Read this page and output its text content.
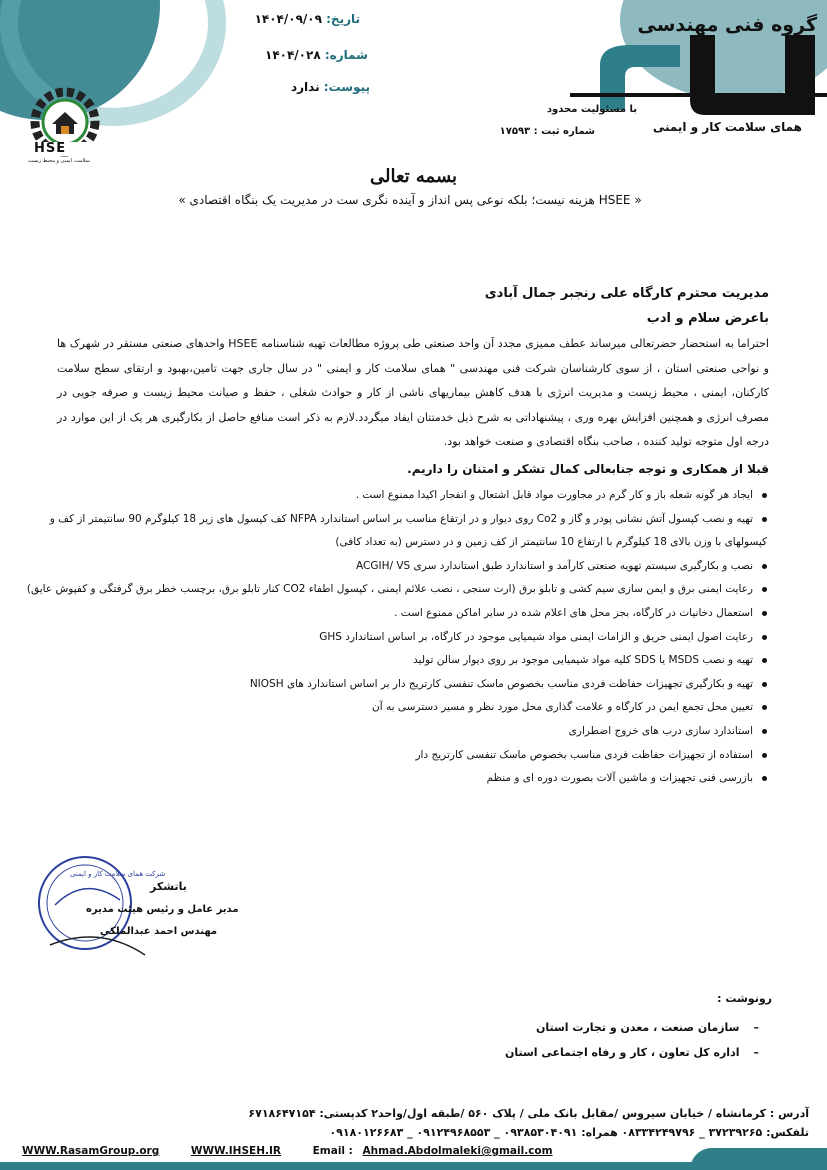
تاریخ: ۱۴۰۴/۰۹/۰۹
شماره: ۱۴۰۴/۰۲۸
پیوست: ندارد
گروه فنی مهندسی
همای سلامت کار و ایمنی
با مسئولیت محدود
شماره ثبت : ۱۷۵۹۳
HSE
سلامت، ایمنی و محیط زیست
بسمه تعالی
« HSEE هزینه نیست؛ بلکه نوعی پس انداز و آینده نگری ست در مدیریت یک بنگاه اقتصادی »
مدیریت محترم کارگاه علی رنجبر جمال آبادی
باعرض سلام و ادب
احتراما به استحضار حضرتعالی میرساند عطف ممیزی مجدد آن واحد صنعتی طی پروژه مطالعات تهیه شناسنامه HSEE واحدهای صنعتی مستقر در شهرک ها و نواحی صنعتی استان ، از سوی کارشناسان شرکت فنی مهندسی " همای سلامت کار و ایمنی " در سال جاری جهت تامین،بهبود و ارتقای سطح سلامت کارکنان، ایمنی ، محیط زیست و مدیریت انرژی با هدف کاهش بیماریهای ناشی از کار و حوادث شغلی ، حفظ و صیانت محیط زیست و صرفه جویی در مصرف انرژی و همچنین افزایش بهره وری ، پیشنهاداتی به شرح ذیل خدمتتان ایفاد میگردد.لازم به ذکر است منافع حاصل از بکارگیری هر یک از این موارد در درجه اول متوجه تولید کننده ، صاحب بنگاه اقتصادی و صنعت خواهد بود.
قبلا از همکاری و توجه جنابعالی کمال تشکر و امتنان را داریم.
ایجاد هر گونه شعله باز و کار گرم در مجاورت مواد قابل اشتعال و انفجار اکیدا ممنوع است .
تهیه و نصب کپسول آتش نشانی پودر و گاز و Co2 روی دیوار و در ارتفاع مناسب بر اساس استاندارد NFPA کف کپسول های زیر 18 کیلوگرم 90 سانتیمتر از کف و
کپسولهای با وزن بالای 18 کیلوگرم با ارتفاع 10 سانتیمتر از کف زمین و در دسترس (به تعداد کافی)
نصب و بکارگیری سیستم تهویه صنعتی کارآمد و استاندارد طبق استاندارد سری ACGIH/ VS
رعایت ایمنی برق و ایمن سازی سیم کشی و تابلو برق (ارت سنجی ، نصب علائم ایمنی ، کپسول اطفاء CO2 کنار تابلو برق، برچسب خطر برق گرفتگی و کفپوش عایق)
استعمال دخانیات در کارگاه، بجز محل های اعلام شده در سایر اماکن ممنوع است .
رعایت اصول ایمنی حریق و الزامات ایمنی مواد شیمیایی موجود در کارگاه، بر اساس استاندارد GHS
تهیه و نصب MSDS یا SDS کلیه مواد شیمیایی موجود بر روی دیوار سالن تولید
تهیه و بکارگیری تجهیزات حفاظت فردی مناسب بخصوص ماسک تنفسی کارتریج دار بر اساس استاندارد های NIOSH
تعیین محل تجمع ایمن در کارگاه و علامت گذاری محل مورد نظر و مسیر دسترسی به آن
استاندارد سازی درب های خروج اضطراری
استفاده از تجهیزات حفاظت فردی مناسب بخصوص ماسک تنفسی کارتریج دار
بازرسی فنی تجهیزات و ماشین آلات بصورت دوره ای و منظم
شرکت همای سلامت کار و ایمنی
باتشکر
مدیر عامل و رئیس هیئت مدیره
مهندس احمد عبدالملکی
رونوشت :
–سازمان صنعت ، معدن و تجارت استان
–اداره کل تعاون ، کار و رفاه اجتماعی استان
آدرس : کرمانشاه / خیابان سیروس /مقابل بانک ملی / پلاک ۵۶۰ /طبقه اول/واحد۲ کدپستی: ۶۷۱۸۶۴۷۱۵۴
تلفکس: ۳۷۲۳۹۲۶۵ _ ۰۸۳۳۴۲۴۹۷۹۶ همراه: ۰۹۳۸۵۳۰۴۰۹۱ _ ۰۹۱۲۴۹۶۸۵۵۳ _ ۰۹۱۸۰۱۲۶۶۸۳
WWW.RasamGroup.org	WWW.IHSEH.IR	Email : Ahmad.Abdolmaleki@gmail.com
